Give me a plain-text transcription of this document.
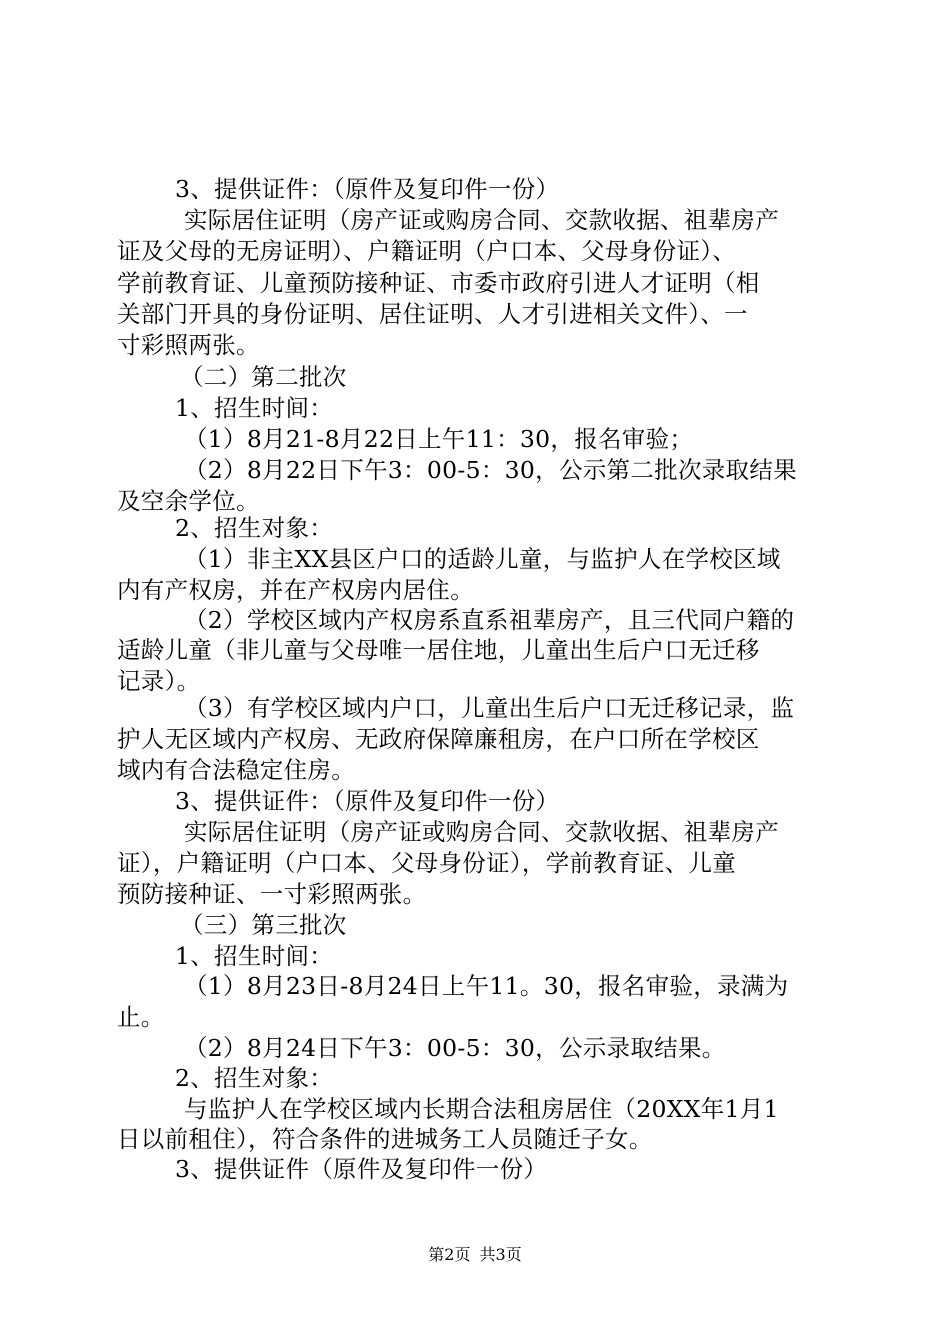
3、提供证件：（原件及复印件一份）
实际居住证明（房产证或购房合同、交款收据、祖辈房产
证及父母的无房证明）、户籍证明（户口本、父母身份证）、
学前教育证、儿童预防接种证、市委市政府引进人才证明（相
关部门开具的身份证明、居住证明、人才引进相关文件）、一
寸彩照两张。
（二）第二批次
1、招生时间：
（1）8月21-8月22日上午11：30，报名审验；
（2）8月22日下午3：00-5：30，公示第二批次录取结果
及空余学位。
2、招生对象：
（1）非主XX县区户口的适龄儿童，与监护人在学校区域
内有产权房，并在产权房内居住。
（2）学校区域内产权房系直系祖辈房产，且三代同户籍的
适龄儿童（非儿童与父母唯一居住地，儿童出生后户口无迁移
记录）。
（3）有学校区域内户口，儿童出生后户口无迁移记录，监
护人无区域内产权房、无政府保障廉租房，在户口所在学校区
域内有合法稳定住房。
3、提供证件：（原件及复印件一份）
实际居住证明（房产证或购房合同、交款收据、祖辈房产
证），户籍证明（户口本、父母身份证），学前教育证、儿童
预防接种证、一寸彩照两张。
（三）第三批次
1、招生时间：
（1）8月23日-8月24日上午11。30，报名审验，录满为
止。
（2）8月24日下午3：00-5：30，公示录取结果。
2、招生对象：
与监护人在学校区域内长期合法租房居住（20XX年1月1
日以前租住），符合条件的进城务工人员随迁子女。
3、提供证件（原件及复印件一份）
第2页 共3页
